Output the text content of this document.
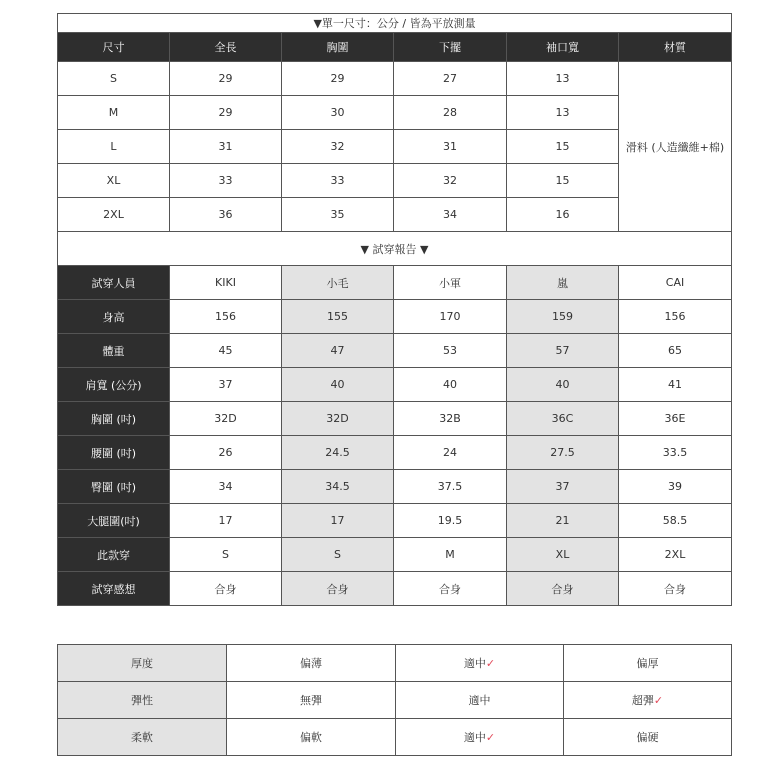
▼單一尺寸：公分 / 皆為平放測量					
尺寸	全長	胸圍	下擺	袖口寬	材質
S	29	29	27	13	滑料 (人造纖維+棉)
M	29	30	28	13	
L	31	32	31	15	
XL	33	33	32	15	
2XL	36	35	34	16	
▼ 試穿報告 ▼					
試穿人員	KIKI	小毛	小軍	嵐	CAI
身高	156	155	170	159	156
體重	45	47	53	57	65
肩寬 (公分)	37	40	40	40	41
胸圍 (吋)	32D	32D	32B	36C	36E
腰圍 (吋)	26	24.5	24	27.5	33.5
臀圍 (吋)	34	34.5	37.5	37	39
大腿圍(吋)	17	17	19.5	21	58.5
此款穿	S	S	M	XL	2XL
試穿感想	合身	合身	合身	合身	合身
厚度	偏薄	適中✓	偏厚
彈性	無彈	適中	超彈✓
柔軟	偏軟	適中✓	偏硬
